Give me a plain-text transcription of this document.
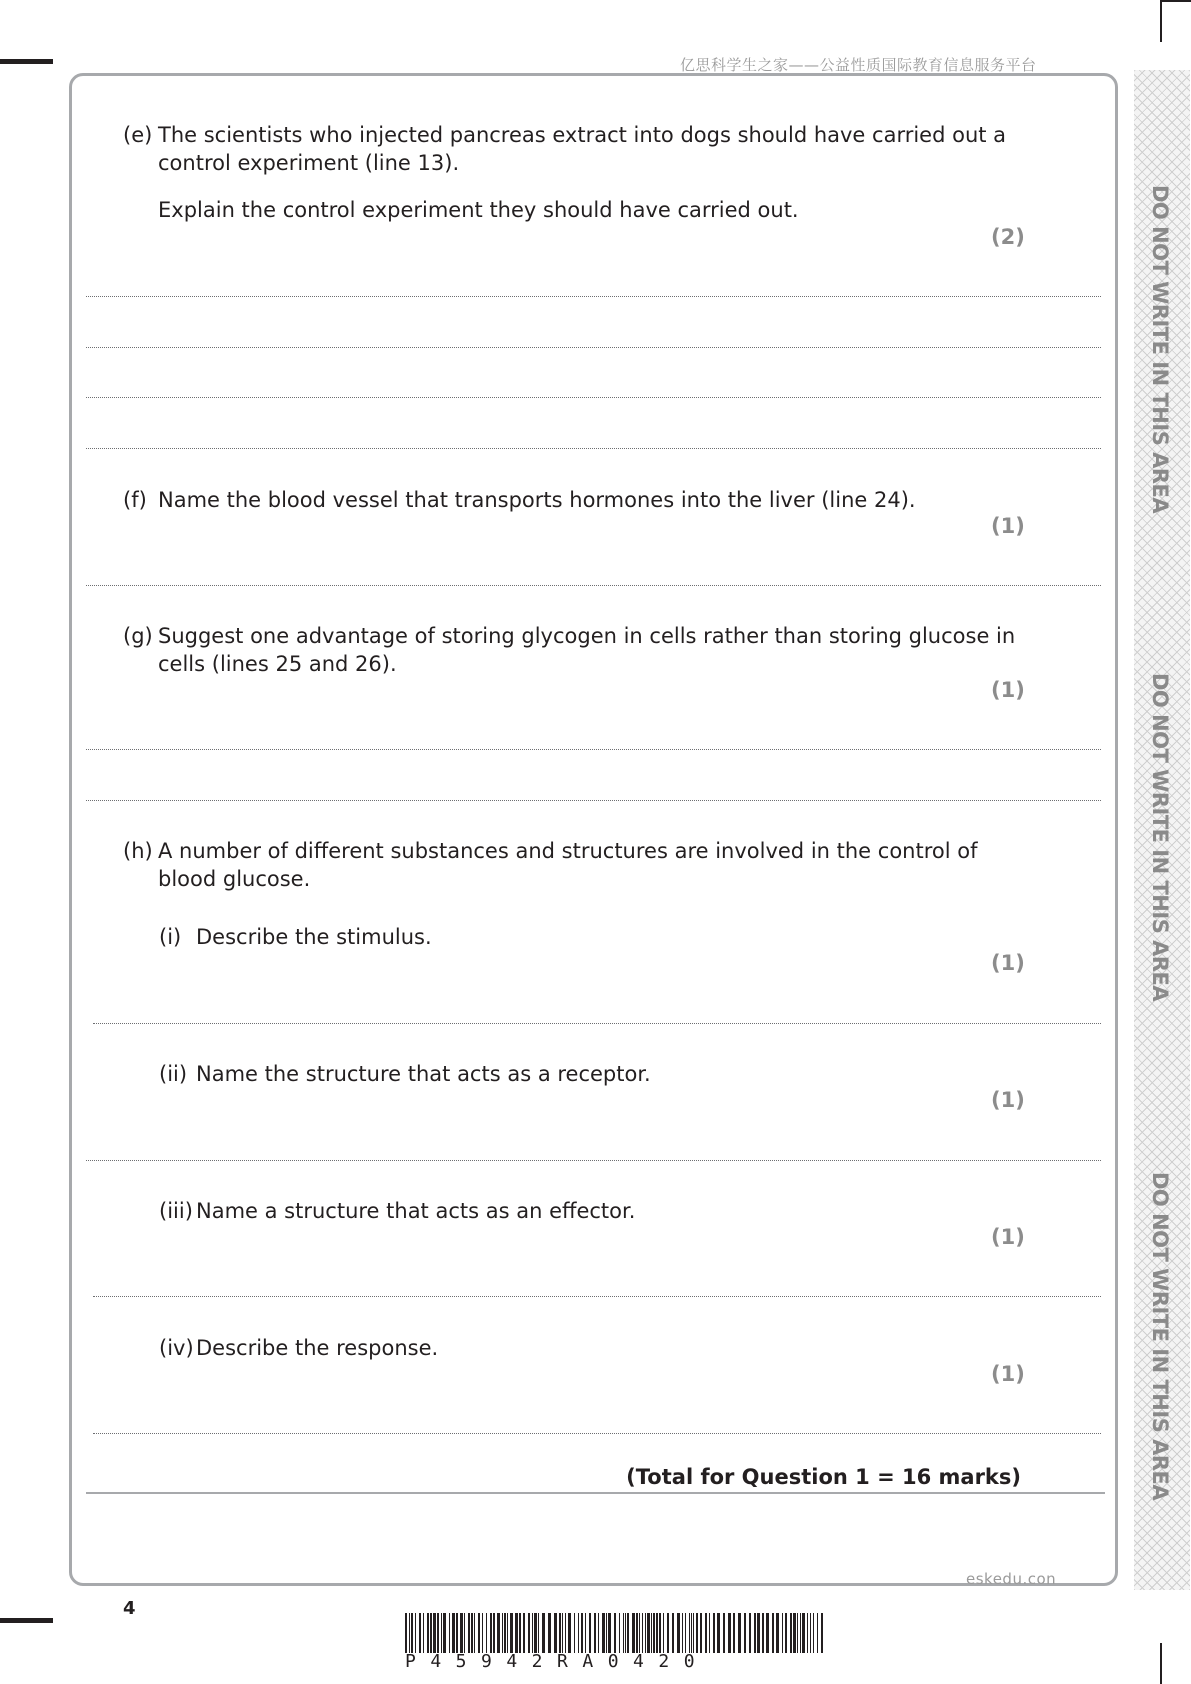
亿思科学生之家——公益性质国际教育信息服务平台
DO NOT WRITE IN THIS AREA
DO NOT WRITE IN THIS AREA
DO NOT WRITE IN THIS AREA
(e) The scientists who injected pancreas extract into dogs should have carried out a
control experiment (line 13).
Explain the control experiment they should have carried out.
(2)
(f) Name the blood vessel that transports hormones into the liver (line 24).
(1)
(g) Suggest one advantage of storing glycogen in cells rather than storing glucose in
cells (lines 25 and 26).
(1)
(h) A number of different substances and structures are involved in the control of
blood glucose.
(i) Describe the stimulus.
(1)
(ii) Name the structure that acts as a receptor.
(1)
(iii) Name a structure that acts as an effector.
(1)
(iv) Describe the response.
(1)
(Total for Question 1 = 16 marks)
eskedu.con
4
P45942RA0420
